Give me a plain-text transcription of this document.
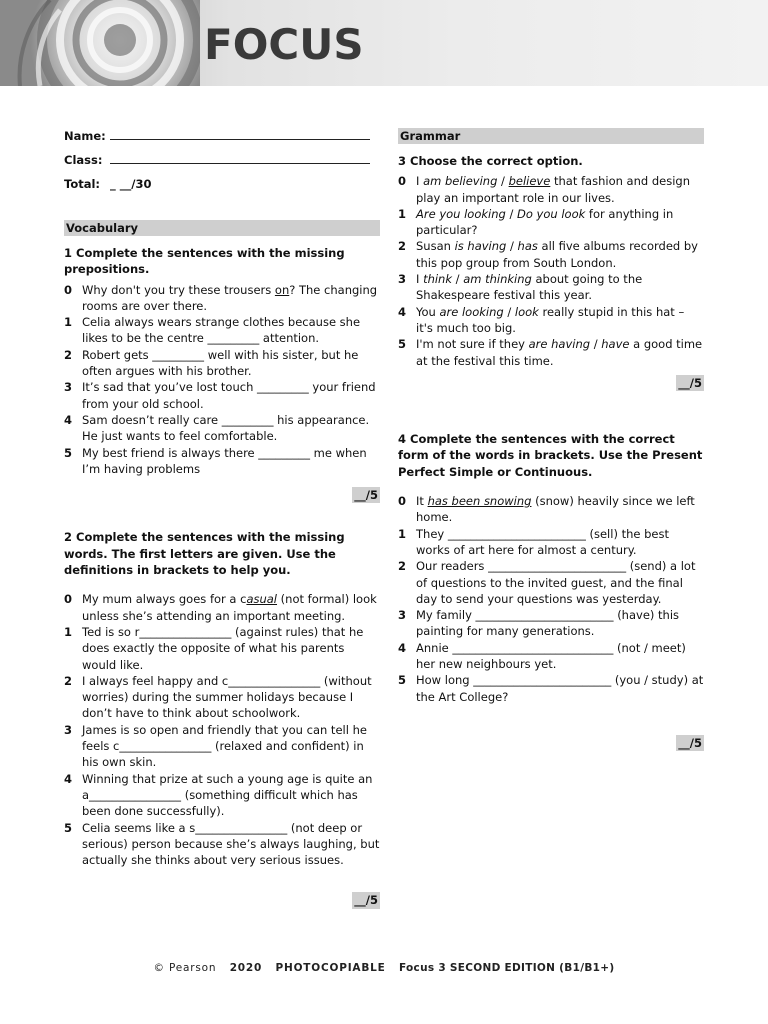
FOCUS
Name:
Class:
Total: _ __/30
Vocabulary
1 Complete the sentences with the missing prepositions.
0 Why don't you try these trousers on? The changing rooms are over there.
1 Celia always wears strange clothes because she likes to be the centre _________ attention.
2 Robert gets _________ well with his sister, but he often argues with his brother.
3 It’s sad that you’ve lost touch _________ your friend from your old school.
4 Sam doesn’t really care _________ his appearance. He just wants to feel comfortable.
5 My best friend is always there _________ me when I’m having problems
__/5
2 Complete the sentences with the missing words. The first letters are given. Use the definitions in brackets to help you.
0 My mum always goes for a casual (not formal) look unless she’s attending an important meeting.
1 Ted is so r________________ (against rules) that he does exactly the opposite of what his parents would like.
2 I always feel happy and c________________ (without worries) during the summer holidays because I don’t have to think about schoolwork.
3 James is so open and friendly that you can tell he feels c________________ (relaxed and confident) in his own skin.
4 Winning that prize at such a young age is quite an a________________ (something difficult which has been done successfully).
5 Celia seems like a s________________ (not deep or serious) person because she’s always laughing, but actually she thinks about very serious issues.
__/5
Grammar
3 Choose the correct option.
0 I am believing / believe that fashion and design play an important role in our lives.
1 Are you looking / Do you look for anything in particular?
2 Susan is having / has all five albums recorded by this pop group from South London.
3 I think / am thinking about going to the Shakespeare festival this year.
4 You are looking / look really stupid in this hat – it's much too big.
5 I'm not sure if they are having / have a good time at the festival this time.
__/5
4 Complete the sentences with the correct form of the words in brackets. Use the Present Perfect Simple or Continuous.
0 It has been snowing (snow) heavily since we left home.
1 They ________________________ (sell) the best works of art here for almost a century.
2 Our readers ________________________ (send) a lot of questions to the invited guest, and the final day to send your questions was yesterday.
3 My family ________________________ (have) this painting for many generations.
4 Annie ____________________________ (not / meet) her new neighbours yet.
5 How long ________________________ (you / study) at the Art College?
__/5
© Pearson 2020 PHOTOCOPIABLE Focus 3 SECOND EDITION (B1/B1+)
